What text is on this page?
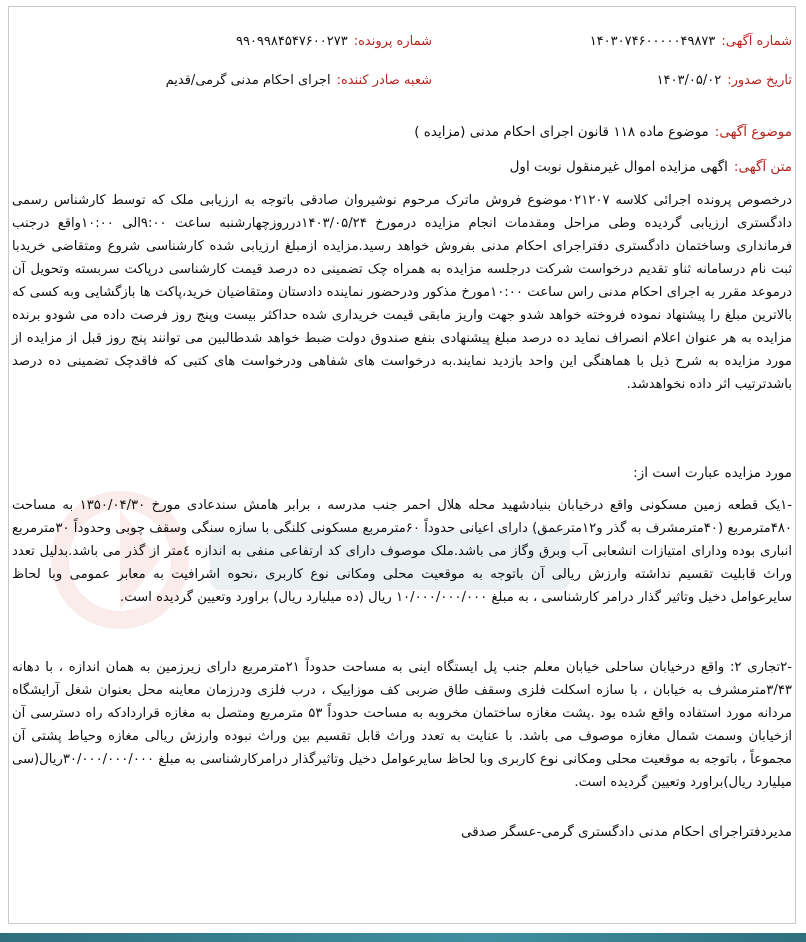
شماره آگهی:۱۴۰۳۰۷۴۶۰۰۰۰۰۴۹۸۷۳
شماره پرونده:۹۹۰۹۹۸۴۵۴۷۶۰۰۲۷۳
تاریخ صدور:۱۴۰۳/۰۵/۰۲
شعبه صادر کننده:اجرای احکام مدنی گرمی/قدیم
موضوع آگهی:موضوع ماده ۱۱۸ قانون اجرای احکام مدنی (مزایده )
متن آگهی:اگهی مزایده اموال غیرمنقول نوبت اول

درخصوص پرونده اجرائی کلاسه ۰۲۱۲۰۷موضوع فروش ماترک مرحوم نوشیروان صادقی باتوجه به ارزیابی ملک که توسط کارشناس رسمی دادگستری ارزیابی گردیده وطی مراحل ومقدمات انجام مزایده درمورخ ۱۴۰۳/۰۵/۲۴درروزچهارشنبه ساعت ۹:۰۰الی ۱۰:۰۰واقع درجنب فرمانداری وساختمان دادگستری دفتراجرای احکام مدنی بفروش خواهد رسید.مزایده ازمبلغ ارزیابی شده کارشناسی شروع ومتقاضی خریدبا ثبت نام درسامانه ثناو تقدیم درخواست شرکت درجلسه مزایده به همراه چک تضمینی ده درصد قیمت کارشناسی درپاکت سربسته وتحویل آن درموعد مقرر به اجرای احکام مدنی راس ساعت ۱۰:۰۰مورخ مذکور ودرحضور نماینده دادستان ومتقاضیان خرید،پاکت ها بازگشایی وبه کسی که بالاترین مبلغ را پیشنهاد نموده فروخته خواهد شدو جهت واریز مابقی قیمت خریداری شده حداکثر بیست وپنج روز فرصت داده می شودو برنده مزایده به هر عنوان اعلام انصراف نماید ده درصد مبلغ پیشنهادی بنفع صندوق دولت ضبط خواهد شدطالبین می توانند پنج روز قبل از مزایده از مورد مزایده به شرح ذیل با هماهنگی این واحد بازدید نمایند.به درخواست های شفاهی ودرخواست های کتبی که فاقدچک تضمینی ده درصد باشدترتیب اثر داده نخواهدشد.

مورد مزایده عبارت است از:

-۱یک قطعه زمین مسکونی واقع درخیابان بنیادشهید محله هلال احمر جنب مدرسه ، برابر هامش سندعادی مورخ ۱۳۵۰/۰۴/۳۰ به مساحت ۴۸۰مترمربع (۴۰مترمشرف به گذر و۱۲مترعمق) دارای اعیانی حدوداً ۶۰مترمربع مسکونی کلنگی با سازه سنگی وسقف چوبی وحدوداً ۳۰مترمربع انباری بوده ودارای امتیازات انشعابی آب وبرق وگاز می باشد.ملک موصوف دارای کد ارتفاعی منفی به اندازه ٤متر از گذر می باشد.بدلیل تعدد وراث قابلیت تقسیم نداشته وارزش ریالی آن باتوجه به موقعیت محلی ومکانی نوع کاربری ،نحوه اشرافیت به معابر عمومی وبا لحاظ سایرعوامل دخیل وتاثیر گذار درامر کارشناسی ، به مبلغ ۱۰/۰۰۰/۰۰۰/۰۰۰ ریال (ده میلیارد ریال) براورد وتعیین گردیده است.

-۲تجاری ۲: واقع درخیابان ساحلی خیابان معلم جنب پل ایستگاه اینی به مساحت حدوداً ۲۱مترمربع دارای زیرزمین به همان اندازه ، با دهانه ۳/۴۳مترمشرف به خیابان ، با سازه اسکلت فلزی وسقف طاق ضربی کف موزاییک ، درب فلزی ودرزمان معاینه محل بعنوان شغل آرایشگاه مردانه مورد استفاده واقع شده بود .پشت مغازه ساختمان مخروبه به مساحت حدوداً ۵۳ مترمربع ومتصل به مغازه قراردادکه راه دسترسی آن ازخیابان وسمت شمال مغازه موصوف می باشد. با عنایت به تعدد وراث قابل تقسیم بین وراث نبوده وارزش ریالی مغازه وحیاط پشتی آن مجموعاً ، باتوجه به موقعیت محلی ومکانی نوع کاربری وبا لحاظ سایرعوامل دخیل وتاثیرگذار درامرکارشناسی به مبلغ ۳۰/۰۰۰/۰۰۰/۰۰۰ریال(سی میلیارد ریال)براورد وتعیین گردیده است.

مدیردفتراجرای احکام مدنی دادگستری گرمی-عسگر صدقی
